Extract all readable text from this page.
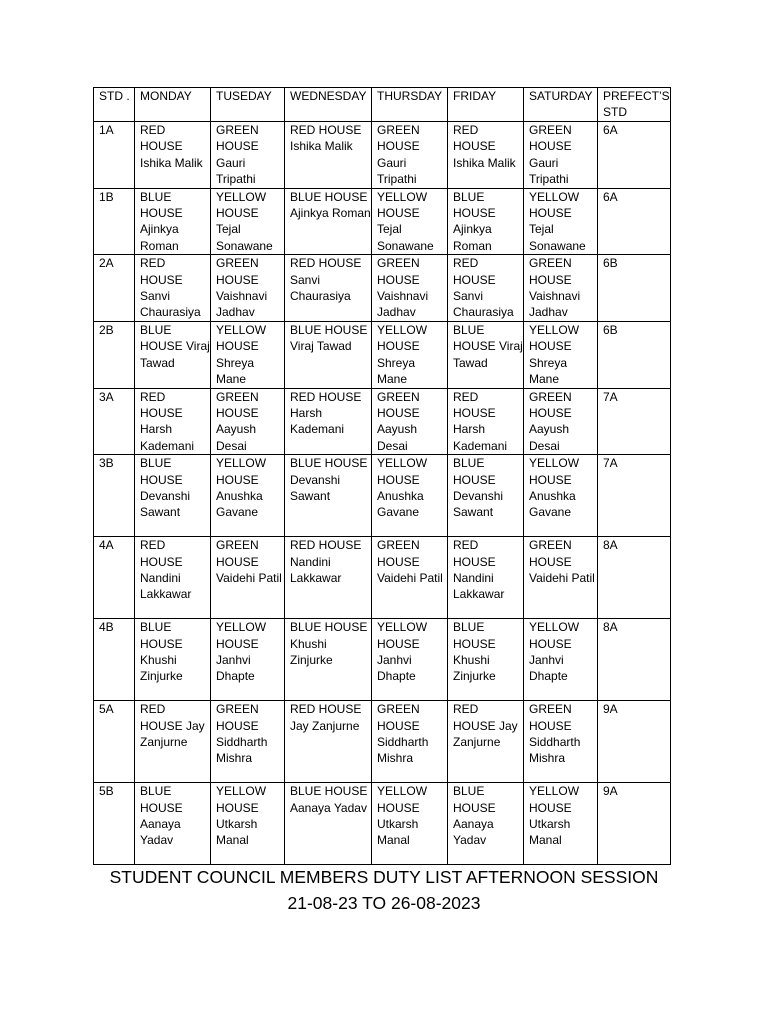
STD .	MONDAY	TUSEDAY	WEDNESDAY	THURSDAY	FRIDAY	SATURDAY	PREFECT’S STD
1A	RED HOUSE Ishika Malik	GREEN HOUSE Gauri Tripathi	RED HOUSE Ishika Malik	GREEN HOUSE Gauri Tripathi	RED HOUSE Ishika Malik	GREEN HOUSE Gauri Tripathi	6A
1B	BLUE HOUSE Ajinkya Roman	YELLOW HOUSE Tejal Sonawane	BLUE HOUSE Ajinkya Roman	YELLOW HOUSE Tejal Sonawane	BLUE HOUSE Ajinkya Roman	YELLOW HOUSE Tejal Sonawane	6A
2A	RED HOUSE Sanvi Chaurasiya	GREEN HOUSE Vaishnavi Jadhav	RED HOUSE Sanvi Chaurasiya	GREEN HOUSE Vaishnavi Jadhav	RED HOUSE Sanvi Chaurasiya	GREEN HOUSE Vaishnavi Jadhav	6B
2B	BLUE HOUSE Viraj Tawad	YELLOW HOUSE Shreya Mane	BLUE HOUSE Viraj Tawad	YELLOW HOUSE Shreya Mane	BLUE HOUSE Viraj Tawad	YELLOW HOUSE Shreya Mane	6B
3A	RED HOUSE Harsh Kademani	GREEN HOUSE Aayush Desai	RED HOUSE Harsh Kademani	GREEN HOUSE Aayush Desai	RED HOUSE Harsh Kademani	GREEN HOUSE Aayush Desai	7A
3B	BLUE HOUSE Devanshi Sawant	YELLOW HOUSE Anushka Gavane	BLUE HOUSE Devanshi Sawant	YELLOW HOUSE Anushka Gavane	BLUE HOUSE Devanshi Sawant	YELLOW HOUSE Anushka Gavane	7A
4A	RED HOUSE Nandini Lakkawar	GREEN HOUSE Vaidehi Patil	RED HOUSE Nandini Lakkawar	GREEN HOUSE Vaidehi Patil	RED HOUSE Nandini Lakkawar	GREEN HOUSE Vaidehi Patil	8A
4B	BLUE HOUSE Khushi Zinjurke	YELLOW HOUSE Janhvi Dhapte	BLUE HOUSE Khushi Zinjurke	YELLOW HOUSE Janhvi Dhapte	BLUE HOUSE Khushi Zinjurke	YELLOW HOUSE Janhvi Dhapte	8A
5A	RED HOUSE Jay Zanjurne	GREEN HOUSE Siddharth Mishra	RED HOUSE Jay Zanjurne	GREEN HOUSE Siddharth Mishra	RED HOUSE Jay Zanjurne	GREEN HOUSE Siddharth Mishra	9A
5B	BLUE HOUSE Aanaya Yadav	YELLOW HOUSE Utkarsh Manal	BLUE HOUSE Aanaya Yadav	YELLOW HOUSE Utkarsh Manal	BLUE HOUSE Aanaya Yadav	YELLOW HOUSE Utkarsh Manal	9A
STUDENT COUNCIL MEMBERS DUTY LIST AFTERNOON SESSION
21-08-23 TO 26-08-2023
